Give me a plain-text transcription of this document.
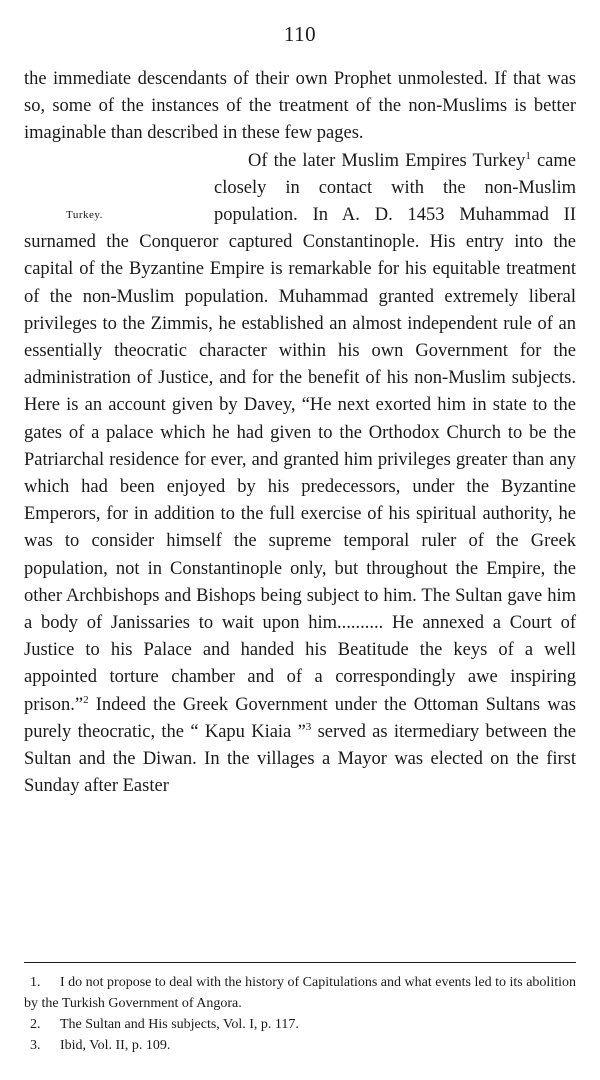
110

the immediate descendants of their own Prophet unmolested. If that was so, some of the instances of the treatment of the non-Muslims is better imaginable than described in these few pages.

Of the later Muslim Empires Turkey$^1$
Turkey.
came closely in contact with the non-Muslim population. In A. D. 1453 Muhammad II surnamed the Conqueror captured Constantinople. His entry into the capital of the Byzantine Empire is remarkable for his equitable treatment of the non-Muslim population. Muhammad granted extremely liberal privileges to the Zimmis, he established an almost independent rule of an essentially theocratic character within his own Government for the administration of Justice, and for the benefit of his non-Muslim subjects. Here is an account given by Davey, “He next exorted him in state to the gates of a palace which he had given to the Orthodox Church to be the Patriarchal residence for ever, and granted him privileges greater than any which had been enjoyed by his predecessors, under the Byzantine Emperors, for in addition to the full exercise of his spiritual authority, he was to consider himself the supreme temporal ruler of the Greek population, not in Constantinople only, but throughout the Empire, the other Archbishops and Bishops being subject to him. The Sultan gave him a body of Janissaries to wait upon him.......... He annexed a Court of Justice to his Palace and handed his Beatitude the keys of a well appointed torture chamber and of a correspondingly awe inspiring prison.”$^2$ Indeed the Greek Government under the Ottoman Sultans was purely theocratic, the “ Kapu Kiaia ”$^3$ served as itermediary between the Sultan and the Diwan. In the villages a Mayor was elected on the first Sunday after Easter

1. I do not propose to deal with the history of Capitulations and what events led to its abolition by the Turkish Government of Angora.

2. The Sultan and His subjects, Vol. I, p. 117.

3. Ibid, Vol. II, p. 109.
